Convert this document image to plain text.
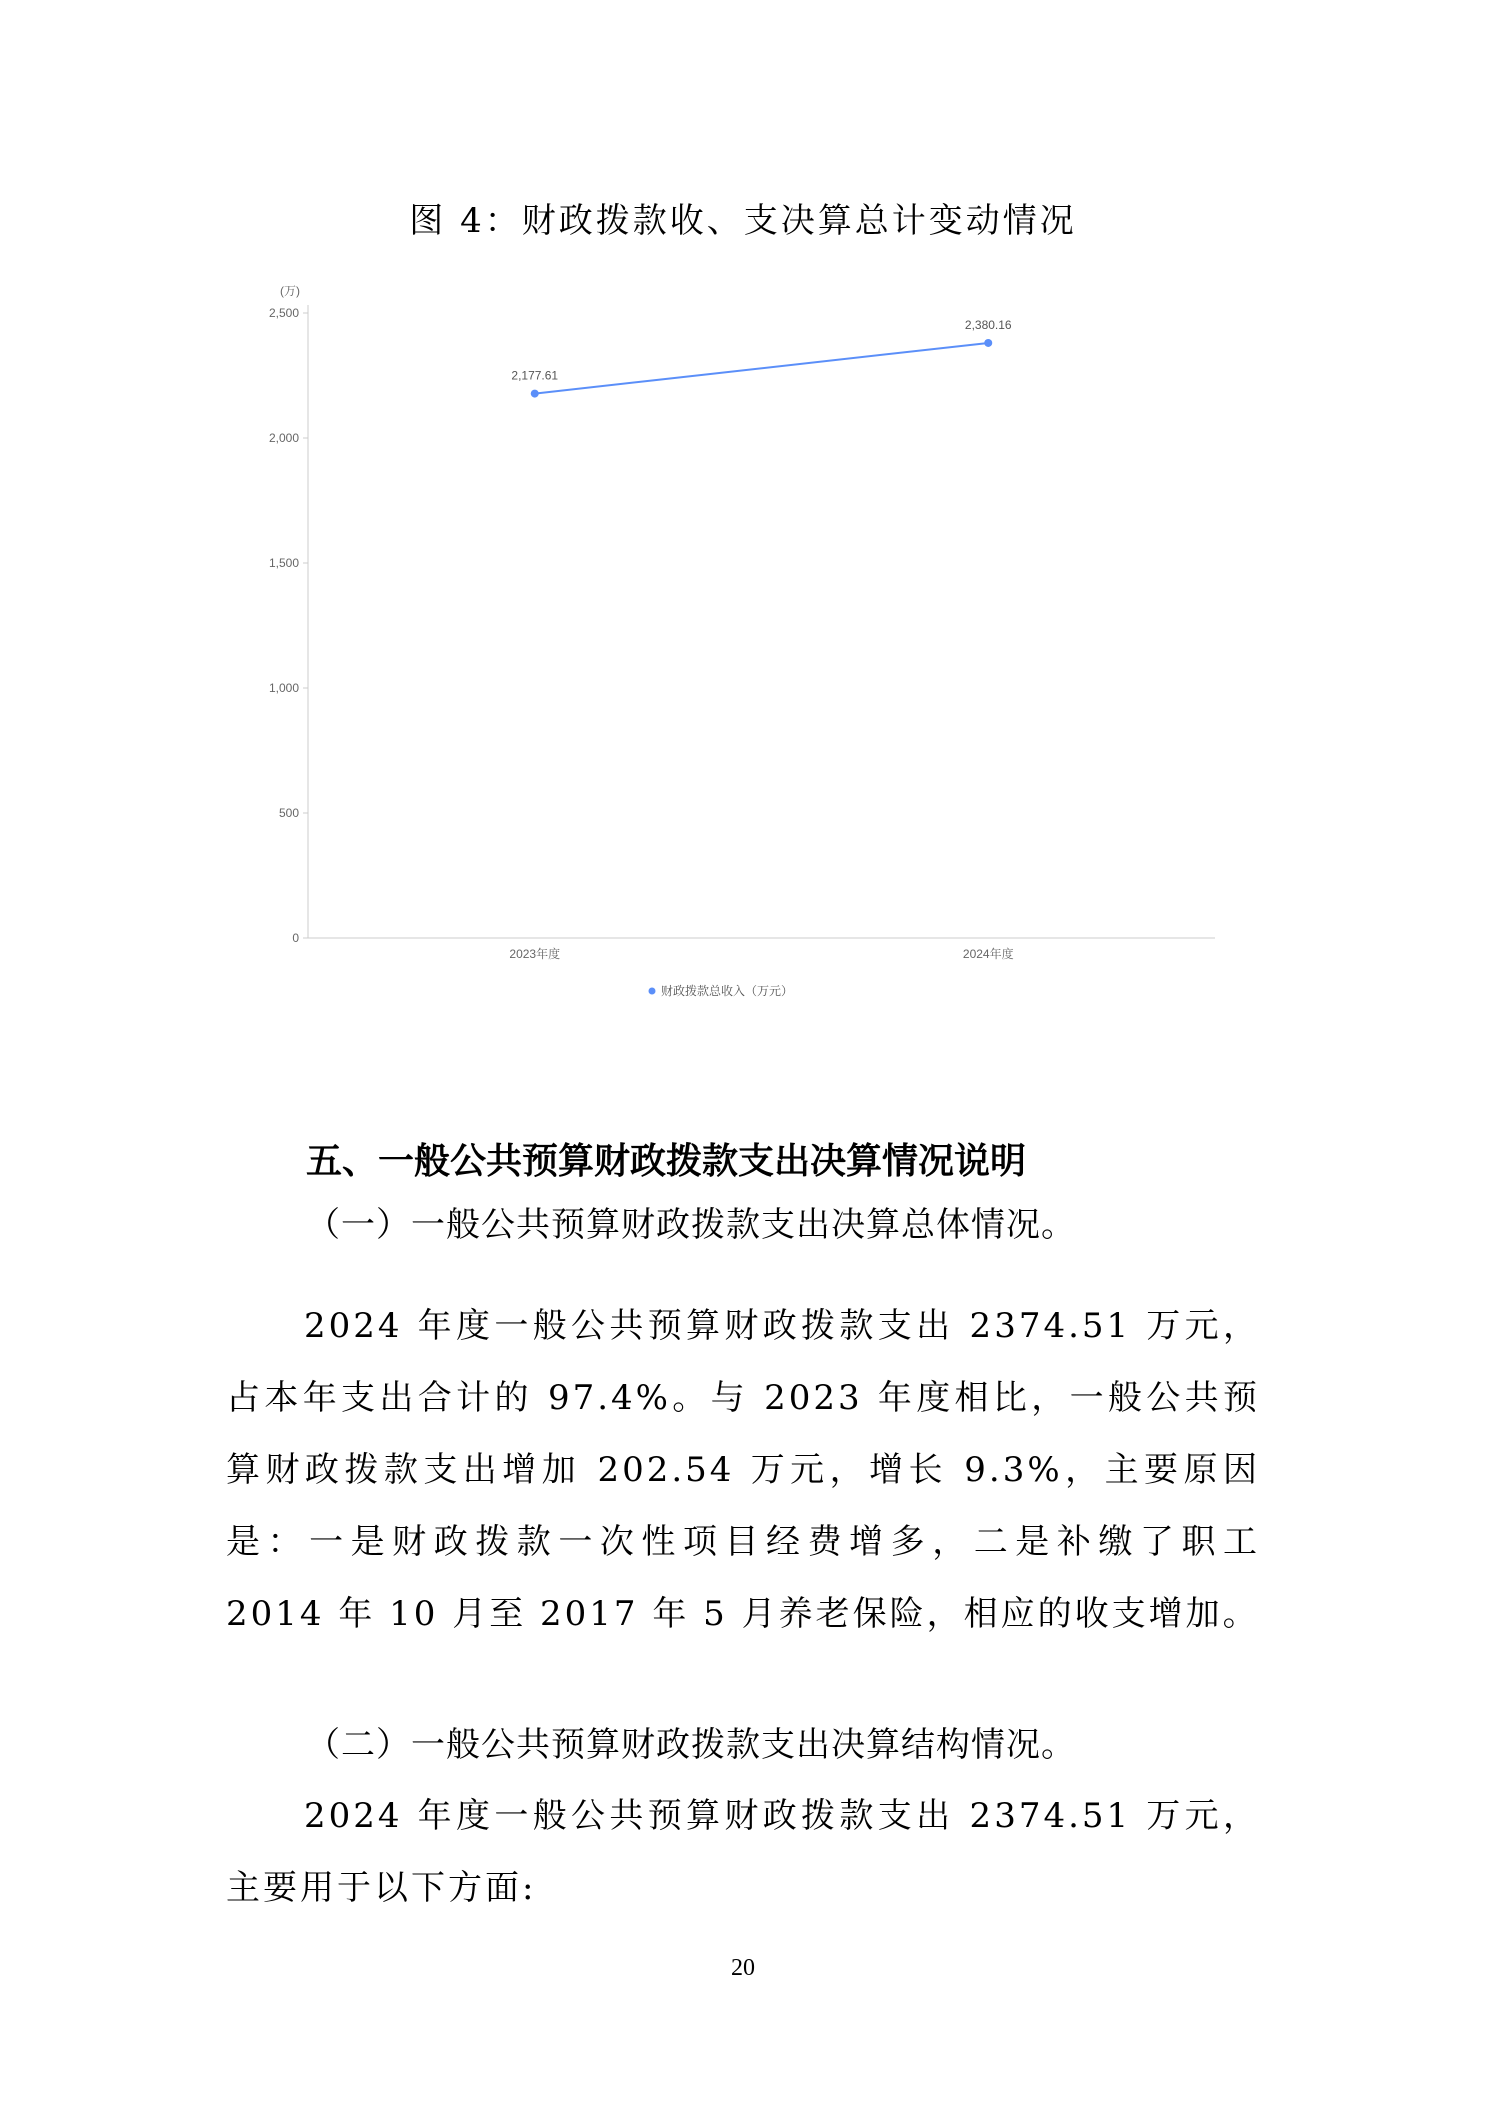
图 4：财政拨款收、支决算总计变动情况
(万)
0
500
1,000
1,500
2,000
2,500
2023年度	2024年度
2,177.61
2,380.16
财政拨款总收入（万元）
五、一般公共预算财政拨款支出决算情况说明
（一）一般公共预算财政拨款支出决算总体情况。

2024 年度一般公共预算财政拨款支出 2374.51 万元，占本年支出合计的 97.4%。与 2023 年度相比，一般公共预算财政拨款支出增加 202.54 万元，增长 9.3%，主要原因是：一是财政拨款一次性项目经费增多，二是补缴了职工 2014 年 10 月至 2017 年 5 月养老保险，相应的收支增加。

（二）一般公共预算财政拨款支出决算结构情况。

2024 年度一般公共预算财政拨款支出 2374.51 万元，主要用于以下方面:

20
